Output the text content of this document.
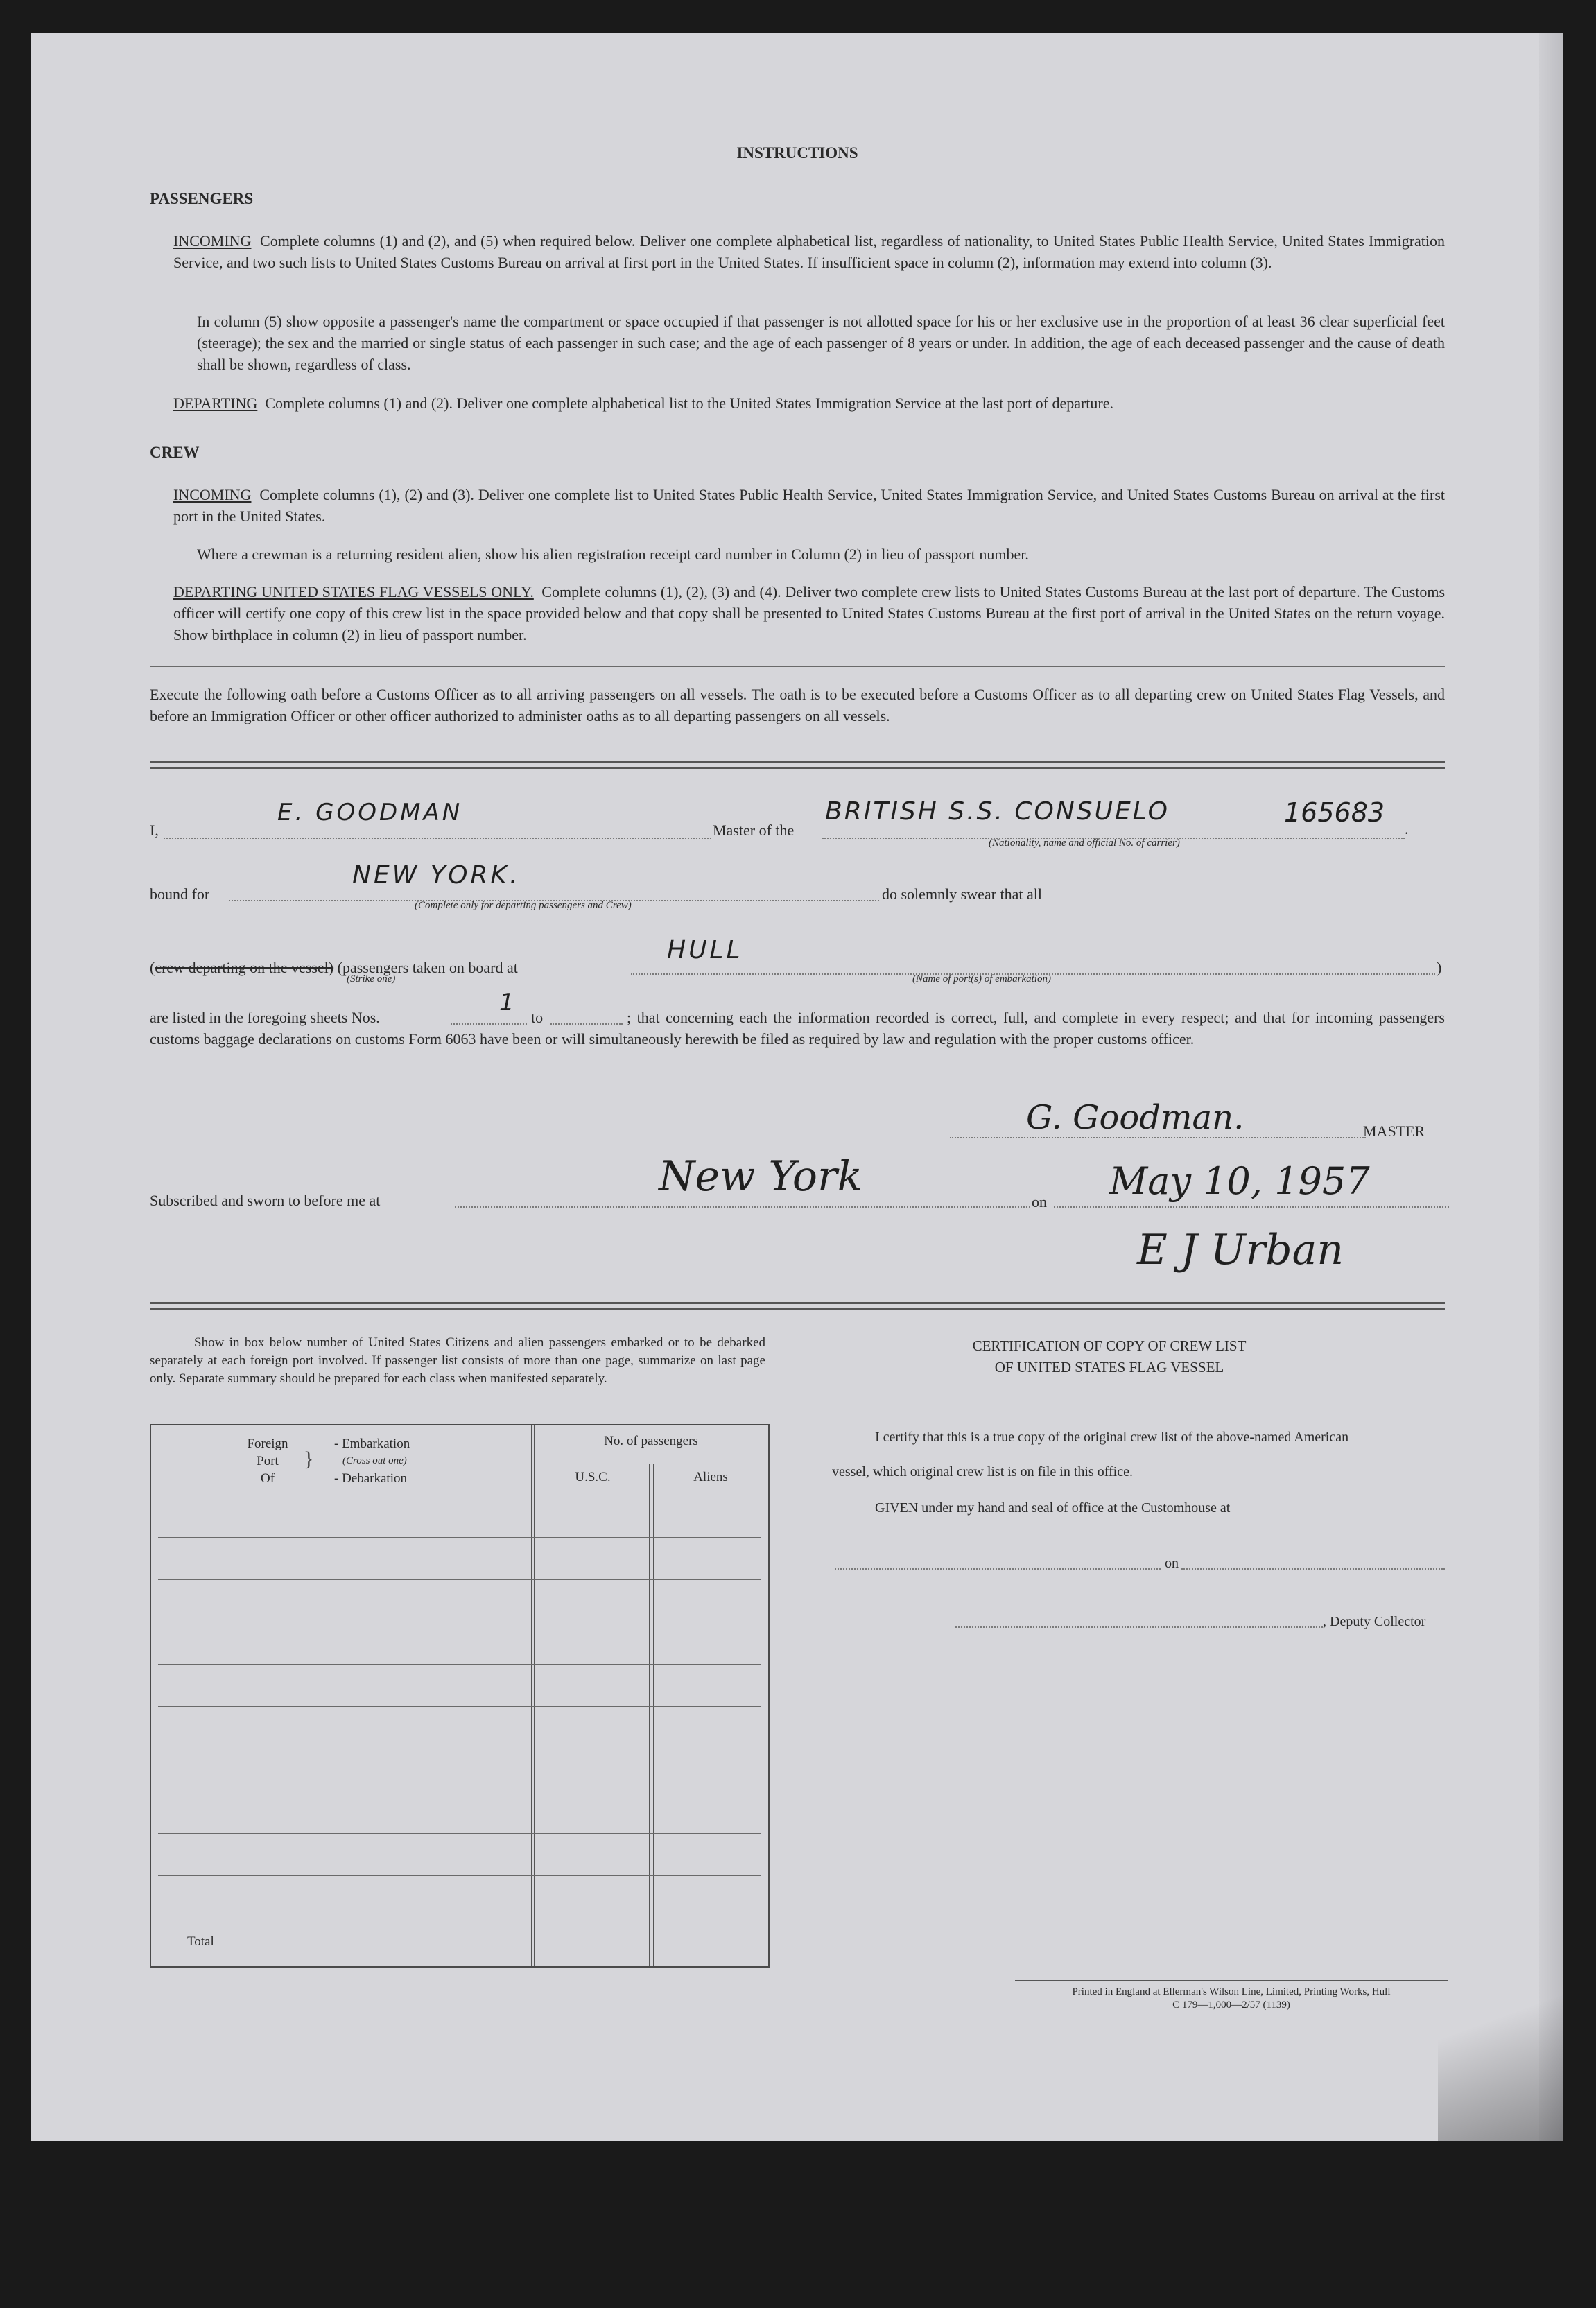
INSTRUCTIONS
PASSENGERS
INCOMING Complete columns (1) and (2), and (5) when required below. Deliver one complete alphabetical list, regardless of nationality, to United States Public Health Service, United States Immigration Service, and two such lists to United States Customs Bureau on arrival at first port in the United States. If insufficient space in column (2), information may extend into column (3).
In column (5) show opposite a passenger's name the compartment or space occupied if that passenger is not allotted space for his or her exclusive use in the proportion of at least 36 clear superficial feet (steerage); the sex and the married or single status of each passenger in such case; and the age of each passenger of 8 years or under. In addition, the age of each deceased passenger and the cause of death shall be shown, regardless of class.
DEPARTING Complete columns (1) and (2). Deliver one complete alphabetical list to the United States Immigration Service at the last port of departure.
CREW
INCOMING Complete columns (1), (2) and (3). Deliver one complete list to United States Public Health Service, United States Immigration Service, and United States Customs Bureau on arrival at the first port in the United States.
Where a crewman is a returning resident alien, show his alien registration receipt card number in Column (2) in lieu of passport number.
DEPARTING UNITED STATES FLAG VESSELS ONLY. Complete columns (1), (2), (3) and (4). Deliver two complete crew lists to United States Customs Bureau at the last port of departure. The Customs officer will certify one copy of this crew list in the space provided below and that copy shall be presented to United States Customs Bureau at the first port of arrival in the United States on the return voyage. Show birthplace in column (2) in lieu of passport number.
Execute the following oath before a Customs Officer as to all arriving passengers on all vessels. The oath is to be executed before a Customs Officer as to all departing crew on United States Flag Vessels, and before an Immigration Officer or other officer authorized to administer oaths as to all departing passengers on all vessels.
I,
E. GOODMAN
Master of the
BRITISH S.S. CONSUELO	165683
.
(Nationality, name and official No. of carrier)
bound for
NEW YORK.
(Complete only for departing passengers and Crew)
do solemnly swear that all
(crew departing on the vessel) (passengers taken on board at
HULL
)
(Strike one)	(Name of port(s) of embarkation)
are listed in the foregoing sheets Nos.
1
to	; that concerning each the information recorded is correct, full, and complete in every respect; and that for incoming passengers customs baggage declarations on customs Form 6063 have been or will simultaneously herewith be filed as required by law and regulation with the proper customs officer.
G. Goodman.	MASTER
Subscribed and sworn to before me at	New York
on May 10, 1957
E J Urban
Show in box below number of United States Citizens and alien passengers embarked or to be debarked separately at each foreign port involved. If passenger list consists of more than one page, summarize on last page only. Separate summary should be prepared for each class when manifested separately.
Foreign
Port
Of
}
- Embarkation
(Cross out one)
- Debarkation
No. of passengers
U.S.C.	Aliens
Total
CERTIFICATION OF COPY OF CREW LIST
OF UNITED STATES FLAG VESSEL
I certify that this is a true copy of the original crew list of the above-named American
vessel, which original crew list is on file in this office.
GIVEN under my hand and seal of office at the Customhouse at
on
, Deputy Collector
Printed in England at Ellerman's Wilson Line, Limited, Printing Works, Hull
C 179—1,000—2/57 (1139)
